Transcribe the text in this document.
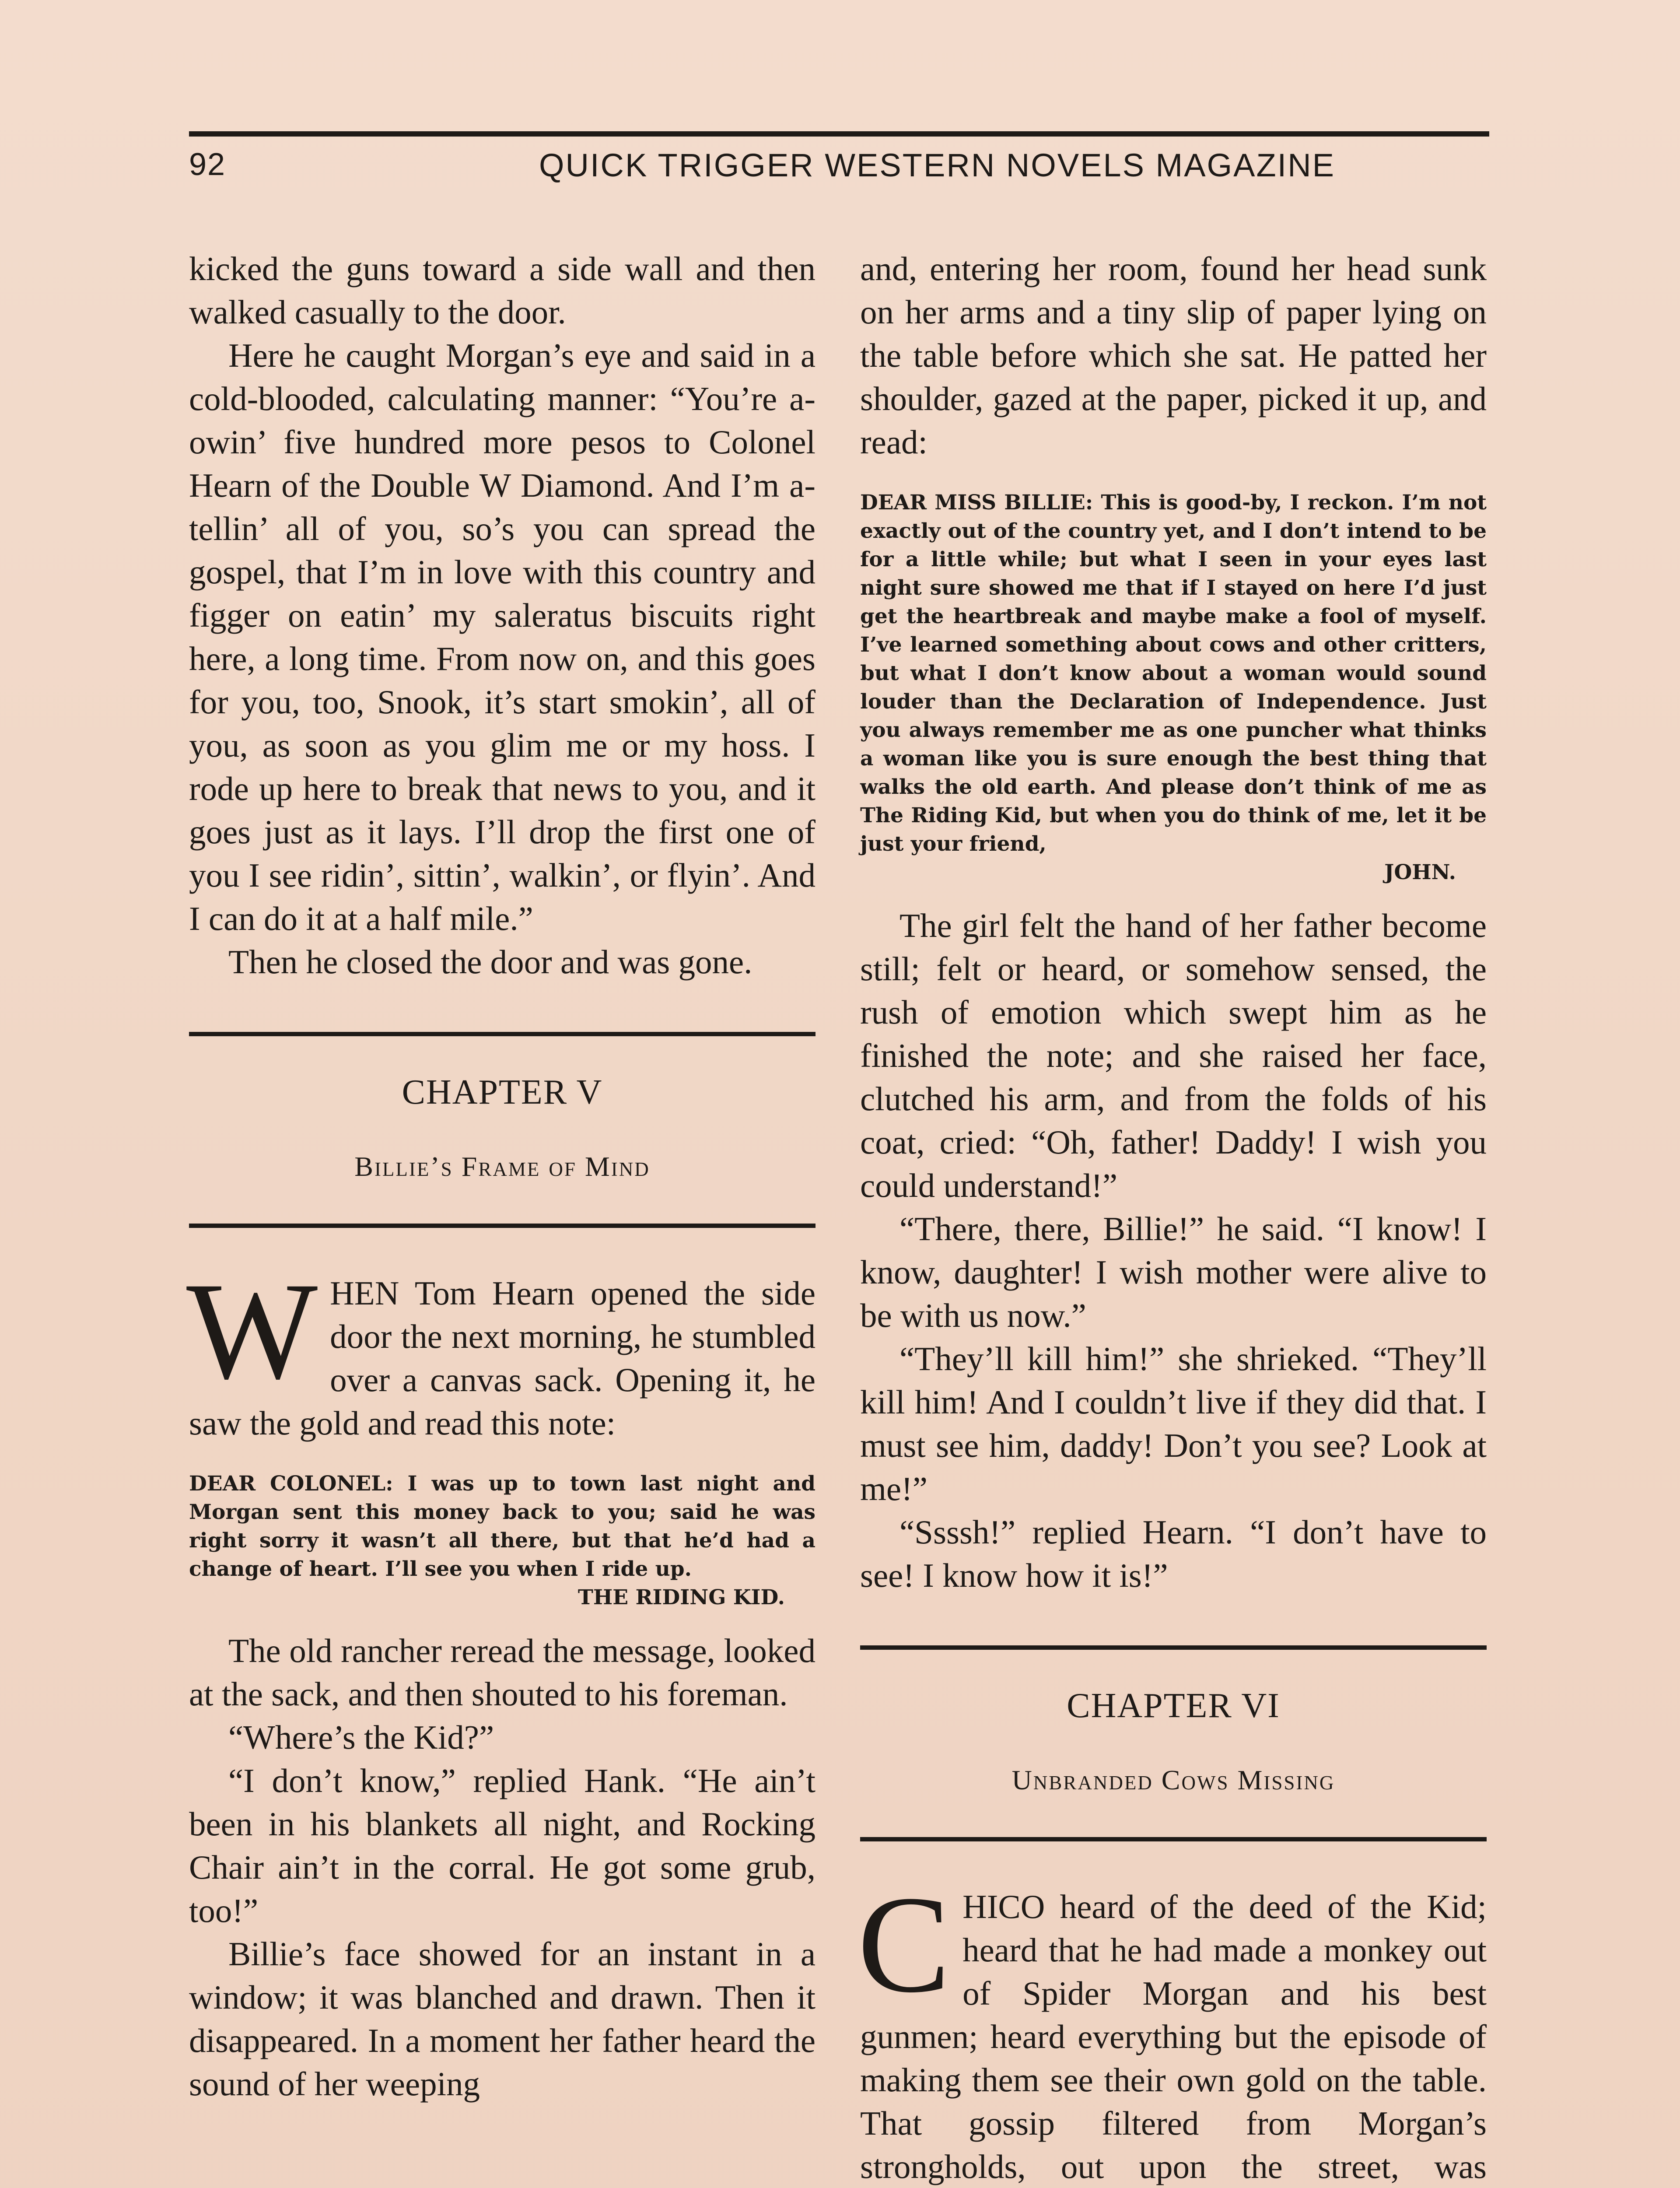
92	QUICK TRIGGER WESTERN NOVELS MAGAZINE

kicked the guns toward a side wall and then walked casually to the door.

Here he caught Morgan’s eye and said in a cold-blooded, calculating manner: “You’re a-owin’ five hundred more pesos to Colonel Hearn of the Double W Diamond. And I’m a-tellin’ all of you, so’s you can spread the gospel, that I’m in love with this country and figger on eatin’ my saleratus biscuits right here, a long time. From now on, and this goes for you, too, Snook, it’s start smokin’, all of you, as soon as you glim me or my hoss. I rode up here to break that news to you, and it goes just as it lays. I’ll drop the first one of you I see ridin’, sittin’, walkin’, or flyin’. And I can do it at a half mile.”

Then he closed the door and was gone.

CHAPTER V
Billie’s Frame of Mind

WHEN Tom Hearn opened the side door the next morning, he stumbled over a canvas sack. Opening it, he saw the gold and read this note:

DEAR COLONEL: I was up to town last night and Morgan sent this money back to you; said he was right sorry it wasn’t all there, but that he’d had a change of heart. I’ll see you when I ride up.
THE RIDING KID.

The old rancher reread the message, looked at the sack, and then shouted to his foreman.

“Where’s the Kid?”

“I don’t know,” replied Hank. “He ain’t been in his blankets all night, and Rocking Chair ain’t in the corral. He got some grub, too!”

Billie’s face showed for an instant in a window; it was blanched and drawn. Then it disappeared. In a moment her father heard the sound of her weeping

and, entering her room, found her head sunk on her arms and a tiny slip of paper lying on the table before which she sat. He patted her shoulder, gazed at the paper, picked it up, and read:

DEAR MISS BILLIE: This is good-by, I reckon. I’m not exactly out of the country yet, and I don’t intend to be for a little while; but what I seen in your eyes last night sure showed me that if I stayed on here I’d just get the heartbreak and maybe make a fool of myself. I’ve learned something about cows and other critters, but what I don’t know about a woman would sound louder than the Declaration of Independence. Just you always remember me as one puncher what thinks a woman like you is sure enough the best thing that walks the old earth. And please don’t think of me as The Riding Kid, but when you do think of me, let it be just your friend,
JOHN.

The girl felt the hand of her father become still; felt or heard, or somehow sensed, the rush of emotion which swept him as he finished the note; and she raised her face, clutched his arm, and from the folds of his coat, cried: “Oh, father! Daddy! I wish you could understand!”

“There, there, Billie!” he said. “I know! I know, daughter! I wish mother were alive to be with us now.”

“They’ll kill him!” she shrieked. “They’ll kill him! And I couldn’t live if they did that. I must see him, daddy! Don’t you see? Look at me!”

“Ssssh!” replied Hearn. “I don’t have to see! I know how it is!”

CHAPTER VI
Unbranded Cows Missing

CHICO heard of the deed of the Kid; heard that he had made a monkey out of Spider Morgan and his best gunmen; heard everything but the episode of making them see their own gold on the table. That gossip filtered from Morgan’s strongholds, out upon the street, was
